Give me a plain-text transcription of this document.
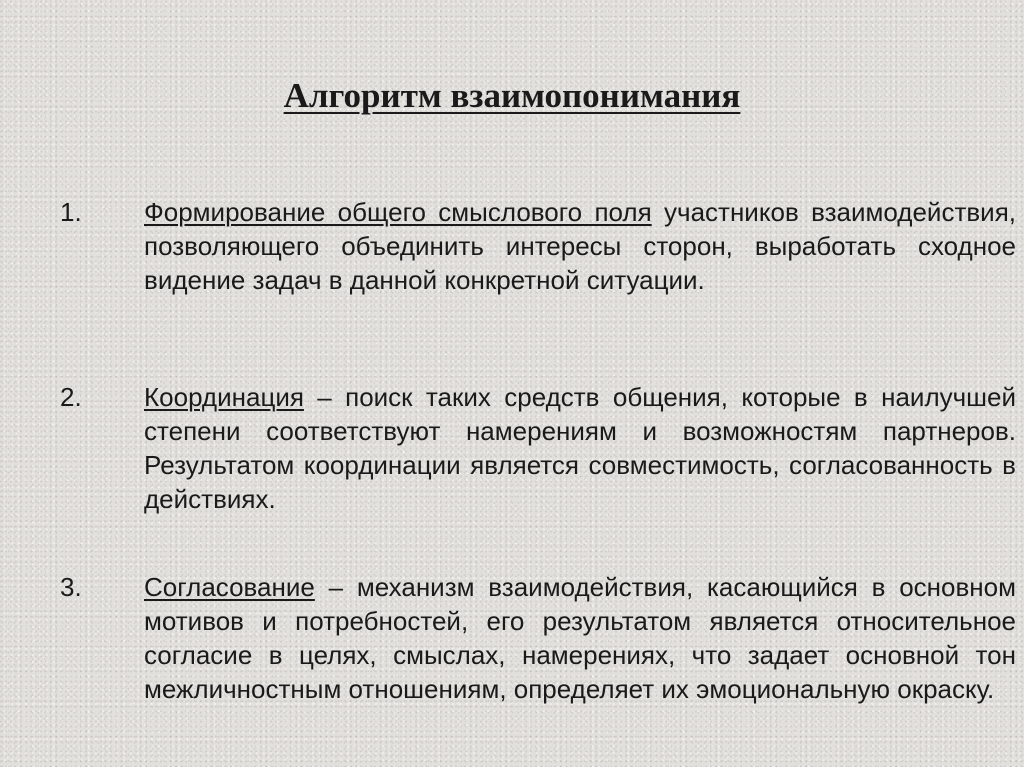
Алгоритм взаимопонимания
1. Формирование общего смыслового поля участников взаимодействия, позволяющего объединить интересы сторон, выработать сходное видение задач в данной конкретной ситуации.
2. Координация – поиск таких средств общения, которые в наилучшей степени соответствуют намерениям и возможностям партнеров. Результатом координации является совместимость, согласованность в действиях.
3. Согласование – механизм взаимодействия, касающийся в основном мотивов и потребностей, его результатом является относительное согласие в целях, смыслах, намерениях, что задает основной тон межличностным отношениям, определяет их эмоциональную окраску.
